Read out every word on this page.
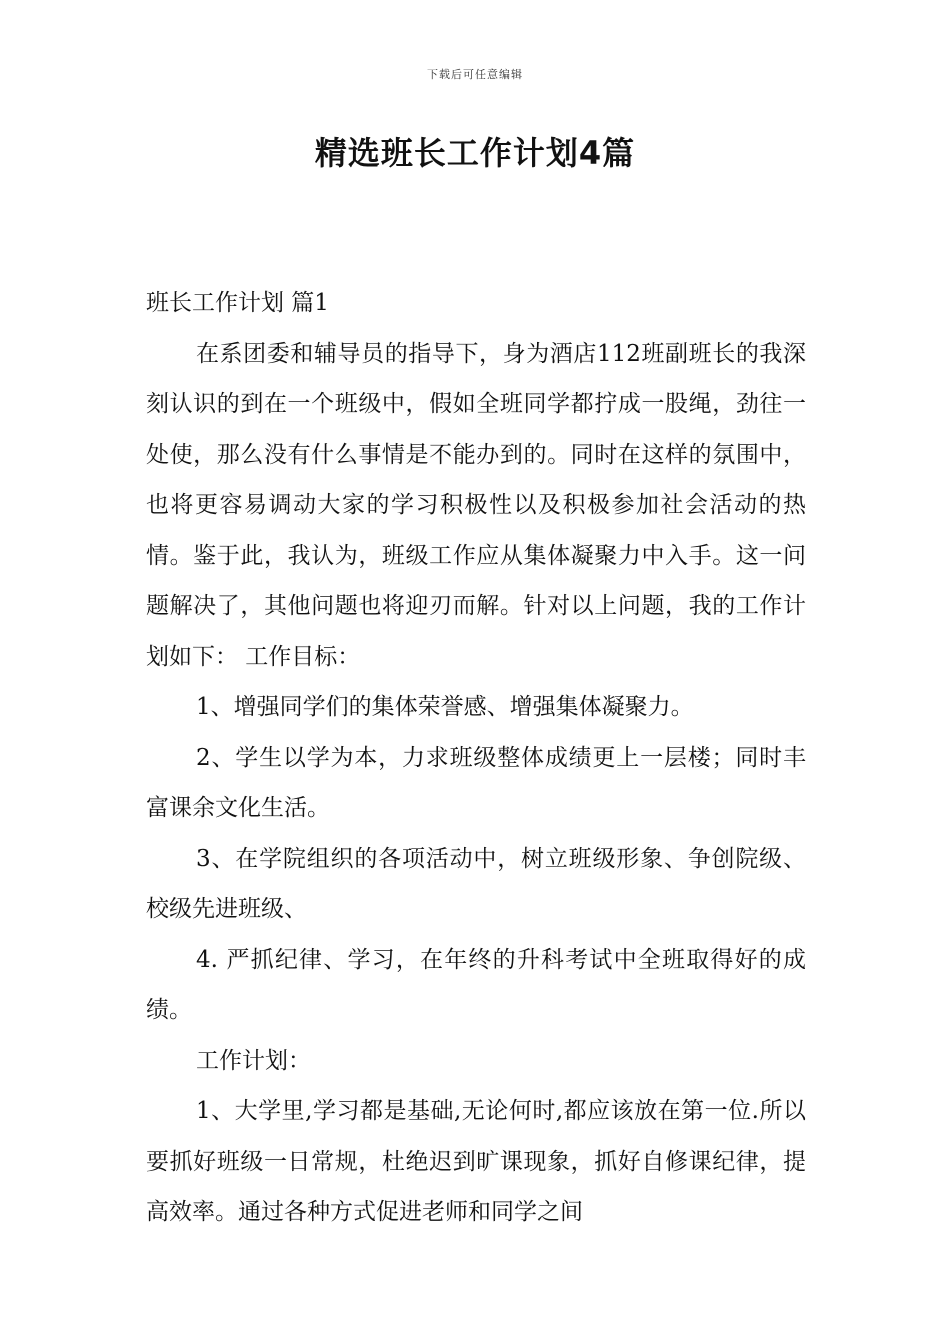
下载后可任意编辑
精选班长工作计划4篇

班长工作计划 篇1

在系团委和辅导员的指导下，身为酒店112班副班长的我深刻认识的到在一个班级中，假如全班同学都拧成一股绳，劲往一处使，那么没有什么事情是不能办到的。同时在这样的氛围中，也将更容易调动大家的学习积极性以及积极参加社会活动的热情。鉴于此，我认为，班级工作应从集体凝聚力中入手。这一问题解决了，其他问题也将迎刃而解。针对以上问题，我的工作计划如下： 工作目标：

1、增强同学们的集体荣誉感、增强集体凝聚力。

2、学生以学为本，力求班级整体成绩更上一层楼；同时丰富课余文化生活。

3、在学院组织的各项活动中，树立班级形象、争创院级、校级先进班级、

4. 严抓纪律、学习，在年终的升科考试中全班取得好的成绩。

工作计划：

1、大学里,学习都是基础,无论何时,都应该放在第一位.所以要抓好班级一日常规，杜绝迟到旷课现象，抓好自修课纪律，提高效率。通过各种方式促进老师和同学之间
